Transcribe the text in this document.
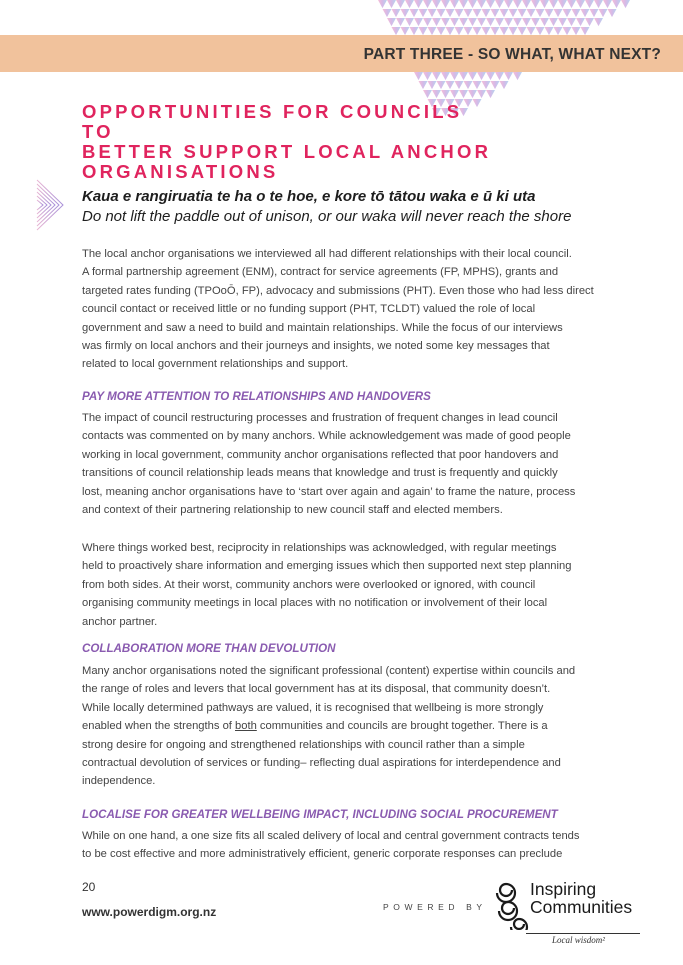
PART THREE - SO WHAT, WHAT NEXT?
OPPORTUNITIES FOR COUNCILS TO
BETTER SUPPORT LOCAL ANCHOR
ORGANISATIONS
Kaua e rangiruatia te ha o te hoe, e kore tō tātou waka e ū ki uta
Do not lift the paddle out of unison, or our waka will never reach the shore
The local anchor organisations we interviewed all had different relationships with their local council.
A formal partnership agreement (ENM), contract for service agreements (FP, MPHS), grants and
targeted rates funding (TPOoŌ, FP), advocacy and submissions (PHT). Even those who had less direct
council contact or received little or no funding support (PHT, TCLDT) valued the role of local
government and saw a need to build and maintain relationships. While the focus of our interviews
was firmly on local anchors and their journeys and insights, we noted some key messages that
related to local government relationships and support.
PAY MORE ATTENTION TO RELATIONSHIPS AND HANDOVERS
The impact of council restructuring processes and frustration of frequent changes in lead council
contacts was commented on by many anchors. While acknowledgement was made of good people
working in local government, community anchor organisations reflected that poor handovers and
transitions of council relationship leads means that knowledge and trust is frequently and quickly
lost, meaning anchor organisations have to ‘start over again and again’ to frame the nature, process
and context of their partnering relationship to new council staff and elected members.
Where things worked best, reciprocity in relationships was acknowledged, with regular meetings
held to proactively share information and emerging issues which then supported next step planning
from both sides. At their worst, community anchors were overlooked or ignored, with council
organising community meetings in local places with no notification or involvement of their local
anchor partner.
COLLABORATION MORE THAN DEVOLUTION
Many anchor organisations noted the significant professional (content) expertise within councils and
the range of roles and levers that local government has at its disposal, that community doesn’t.
While locally determined pathways are valued, it is recognised that wellbeing is more strongly
enabled when the strengths of both communities and councils are brought together. There is a
strong desire for ongoing and strengthened relationships with council rather than a simple
contractual devolution of services or funding– reflecting dual aspirations for interdependence and
independence.
LOCALISE FOR GREATER WELLBEING IMPACT, INCLUDING SOCIAL PROCUREMENT
While on one hand, a one size fits all scaled delivery of local and central government contracts tends
to be cost effective and more administratively efficient, generic corporate responses can preclude
20
www.powerdigm.org.nz	POWERED BY
Inspiring
Communities
Local wisdom²
